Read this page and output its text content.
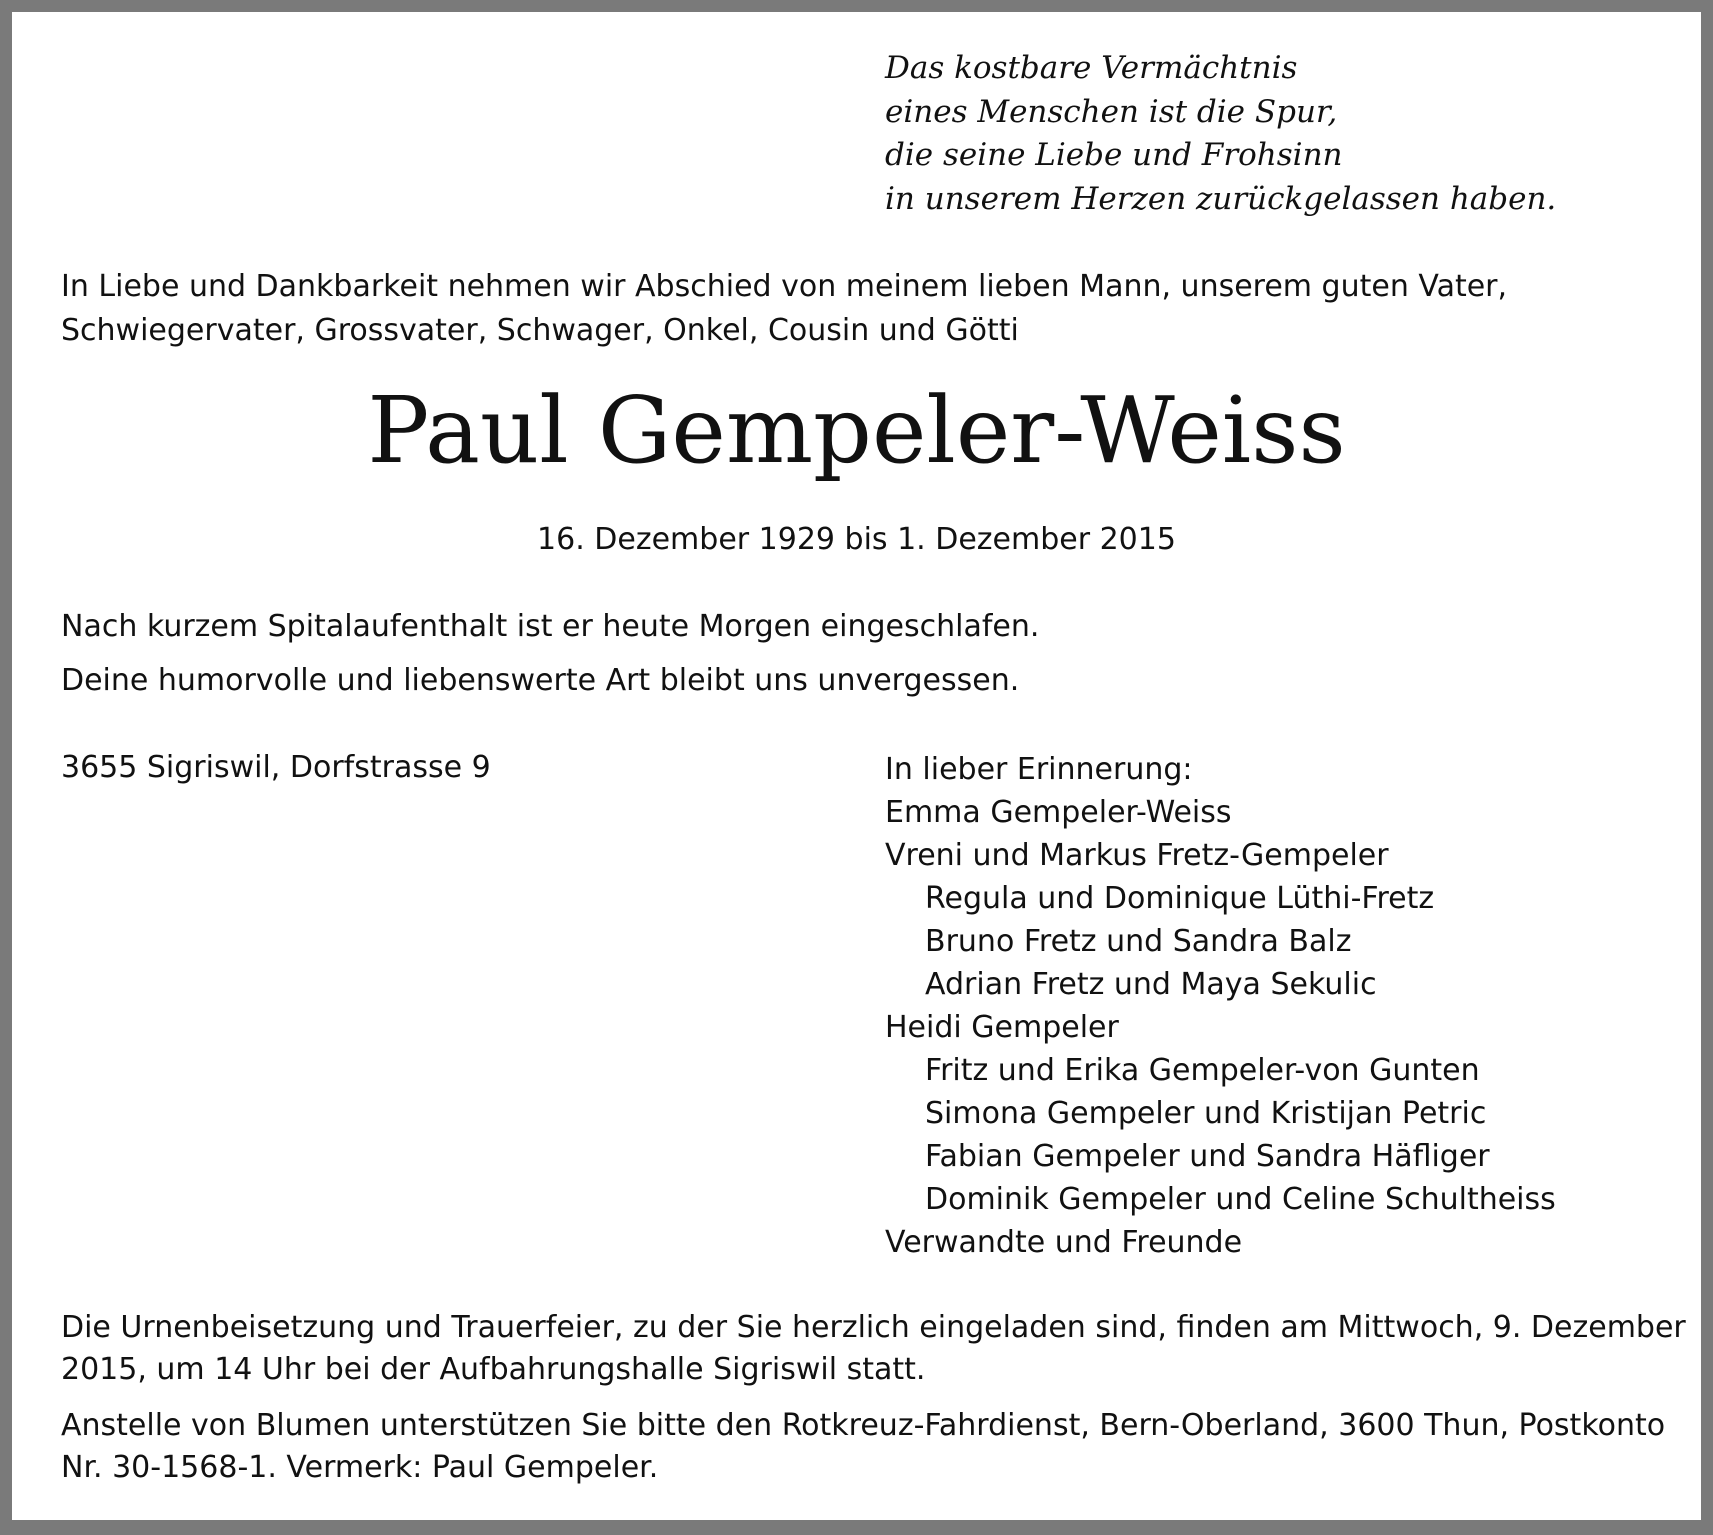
Das kostbare Vermächtnis
eines Menschen ist die Spur,
die seine Liebe und Frohsinn
in unserem Herzen zurückgelassen haben.
In Liebe und Dankbarkeit nehmen wir Abschied von meinem lieben Mann, unserem guten Vater,
Schwiegervater, Grossvater, Schwager, Onkel, Cousin und Götti
Paul Gempeler-Weiss
16. Dezember 1929 bis 1. Dezember 2015
Nach kurzem Spitalaufenthalt ist er heute Morgen eingeschlafen.
Deine humorvolle und liebenswerte Art bleibt uns unvergessen.
3655 Sigriswil, Dorfstrasse 9	In lieber Erinnerung:
Emma Gempeler-Weiss
Vreni und Markus Fretz-Gempeler
Regula und Dominique Lüthi-Fretz
Bruno Fretz und Sandra Balz
Adrian Fretz und Maya Sekulic
Heidi Gempeler
Fritz und Erika Gempeler-von Gunten
Simona Gempeler und Kristijan Petric
Fabian Gempeler und Sandra Häfliger
Dominik Gempeler und Celine Schultheiss
Verwandte und Freunde
Die Urnenbeisetzung und Trauerfeier, zu der Sie herzlich eingeladen sind, finden am Mittwoch, 9. Dezember
2015, um 14 Uhr bei der Aufbahrungshalle Sigriswil statt.
Anstelle von Blumen unterstützen Sie bitte den Rotkreuz-Fahrdienst, Bern-Oberland, 3600 Thun, Postkonto
Nr. 30-1568-1. Vermerk: Paul Gempeler.
